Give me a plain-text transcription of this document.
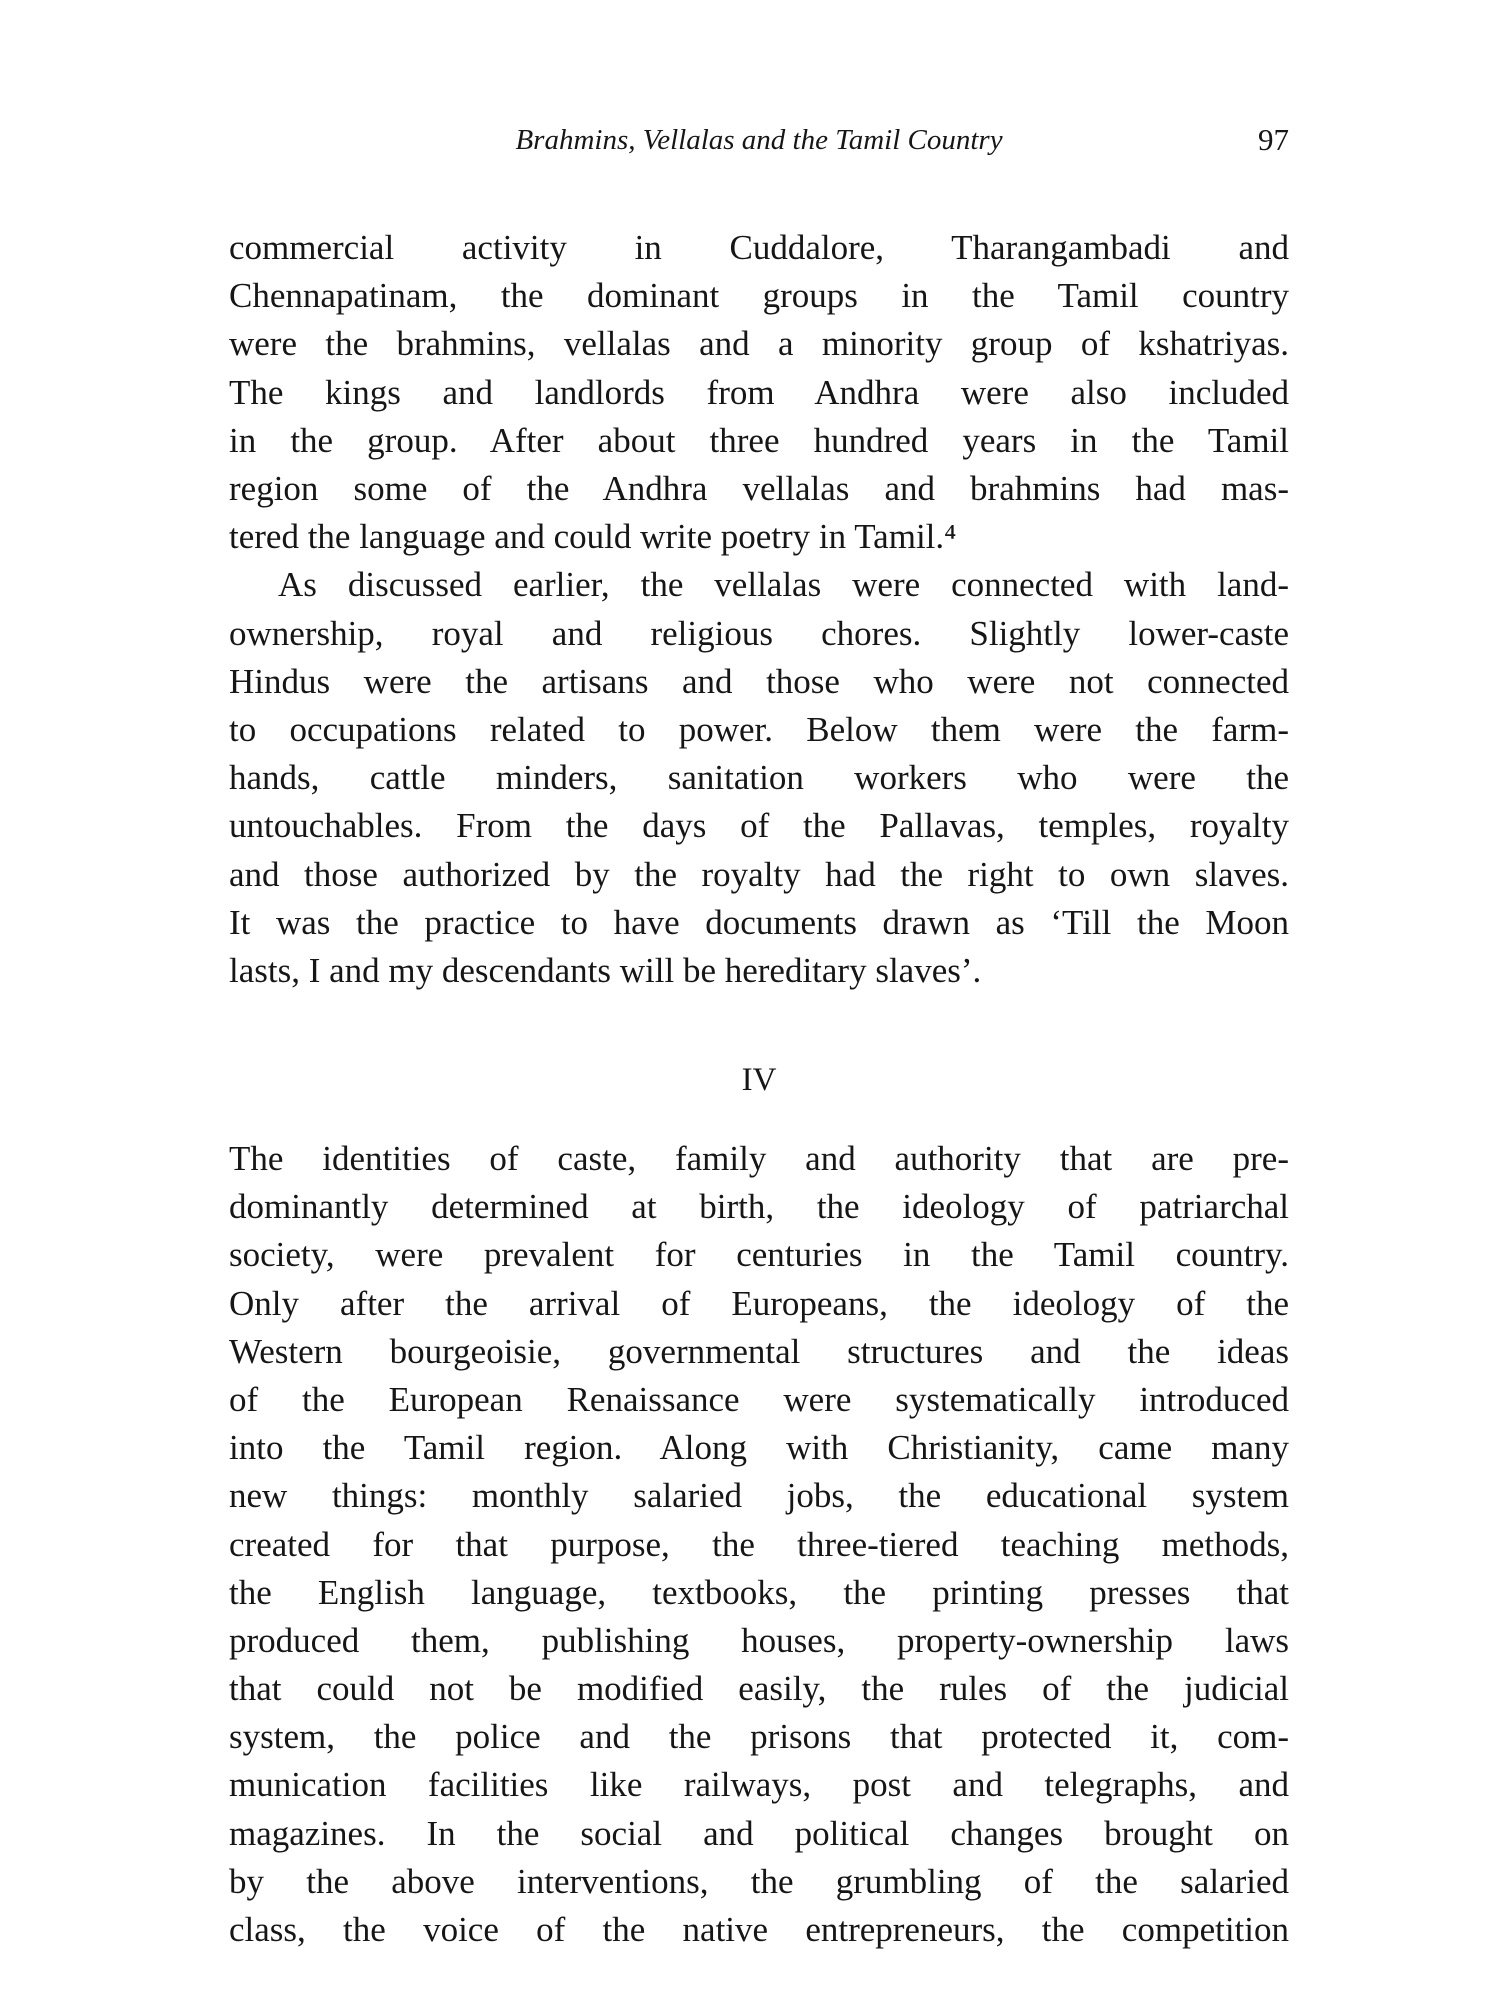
Brahmins, Vellalas and the Tamil Country	97
commercial activity in Cuddalore, Tharangambadi and
Chennapatinam, the dominant groups in the Tamil country
were the brahmins, vellalas and a minority group of kshatriyas.
The kings and landlords from Andhra were also included
in the group. After about three hundred years in the Tamil
region some of the Andhra vellalas and brahmins had mas-
tered the language and could write poetry in Tamil.⁴
As discussed earlier, the vellalas were connected with land-
ownership, royal and religious chores. Slightly lower-caste
Hindus were the artisans and those who were not connected
to occupations related to power. Below them were the farm-
hands, cattle minders, sanitation workers who were the
untouchables. From the days of the Pallavas, temples, royalty
and those authorized by the royalty had the right to own slaves.
It was the practice to have documents drawn as ‘Till the Moon
lasts, I and my descendants will be hereditary slaves’.
IV
The identities of caste, family and authority that are pre-
dominantly determined at birth, the ideology of patriarchal
society, were prevalent for centuries in the Tamil country.
Only after the arrival of Europeans, the ideology of the
Western bourgeoisie, governmental structures and the ideas
of the European Renaissance were systematically introduced
into the Tamil region. Along with Christianity, came many
new things: monthly salaried jobs, the educational system
created for that purpose, the three-tiered teaching methods,
the English language, textbooks, the printing presses that
produced them, publishing houses, property-ownership laws
that could not be modified easily, the rules of the judicial
system, the police and the prisons that protected it, com-
munication facilities like railways, post and telegraphs, and
magazines. In the social and political changes brought on
by the above interventions, the grumbling of the salaried
class, the voice of the native entrepreneurs, the competition
